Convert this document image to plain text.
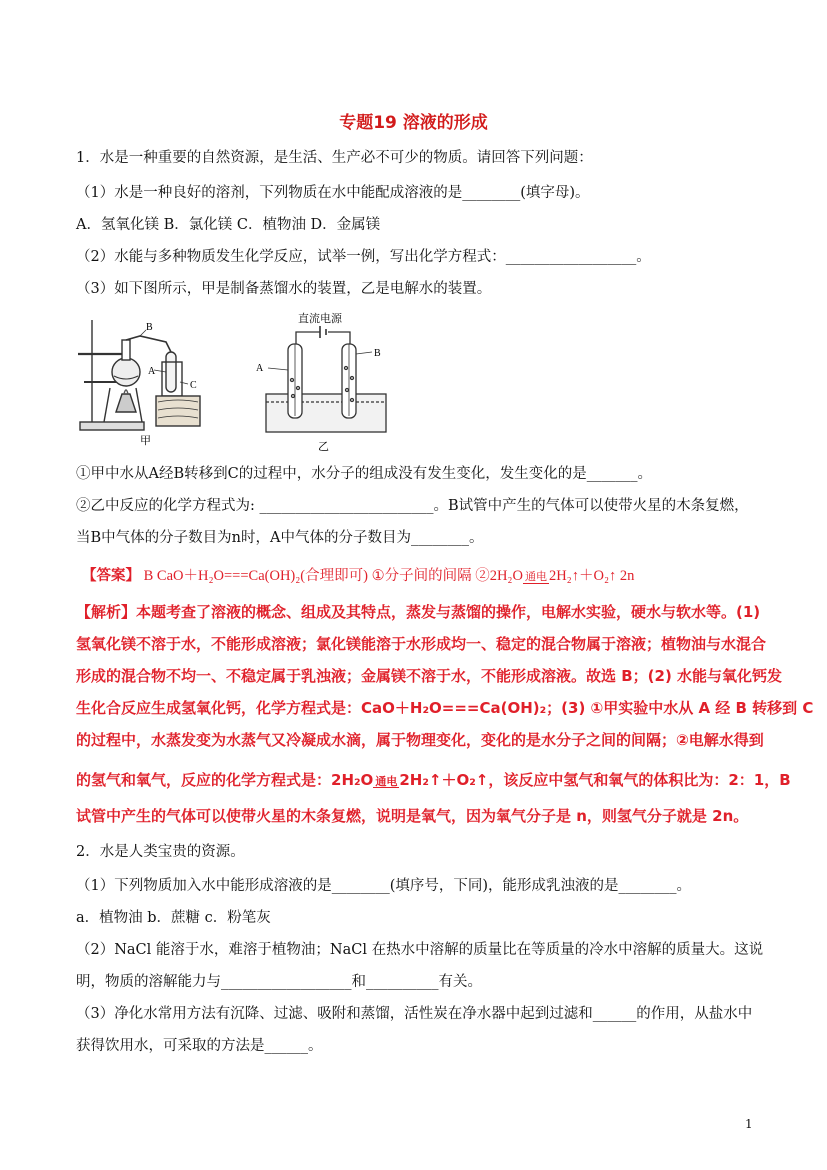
专题19 溶液的形成
1．水是一种重要的自然资源，是生活、生产必不可少的物质。请回答下列问题：
（1）水是一种良好的溶剂，下列物质在水中能配成溶液的是________(填字母)。
A．氢氧化镁 B．氯化镁 C．植物油 D．金属镁
（2）水能与多种物质发生化学反应，试举一例，写出化学方程式：__________________。
（3）如下图所示，甲是制备蒸馏水的装置，乙是电解水的装置。
B
A
C
甲
直流电源
A
B
乙
①甲中水从A经B转移到C的过程中，水分子的组成没有发生变化，发生变化的是_______。
②乙中反应的化学方程式为: ________________________。B试管中产生的气体可以使带火星的木条复燃，
当B中气体的分子数目为n时，A中气体的分子数目为________。
【答案】 B CaO＋H₂O===Ca(OH)₂(合理即可) ①分子间的间隔 ②2H₂O 通电 2H₂↑＋O₂↑ 2n
【解析】本题考查了溶液的概念、组成及其特点，蒸发与蒸馏的操作，电解水实验，硬水与软水等。(1)
氢氧化镁不溶于水，不能形成溶液；氯化镁能溶于水形成均一、稳定的混合物属于溶液；植物油与水混合
形成的混合物不均一、不稳定属于乳浊液；金属镁不溶于水，不能形成溶液。故选 B；(2) 水能与氧化钙发
生化合反应生成氢氧化钙，化学方程式是：CaO＋H₂O===Ca(OH)₂；(3) ①甲实验中水从 A 经 B 转移到 C
的过程中，水蒸发变为水蒸气又冷凝成水滴，属于物理变化，变化的是水分子之间的间隔；②电解水得到
的氢气和氧气，反应的化学方程式是：2H₂O 通电 2H₂↑＋O₂↑，该反应中氢气和氧气的体积比为：2：1，B
试管中产生的气体可以使带火星的木条复燃，说明是氧气，因为氧气分子是 n，则氢气分子就是 2n。
2．水是人类宝贵的资源。
（1）下列物质加入水中能形成溶液的是________(填序号，下同)，能形成乳浊液的是________。
a．植物油 b．蔗糖 c．粉笔灰
（2）NaCl 能溶于水，难溶于植物油；NaCl 在热水中溶解的质量比在等质量的冷水中溶解的质量大。这说
明，物质的溶解能力与__________________和__________有关。
（3）净化水常用方法有沉降、过滤、吸附和蒸馏，活性炭在净水器中起到过滤和______的作用，从盐水中
获得饮用水，可采取的方法是______。
1
